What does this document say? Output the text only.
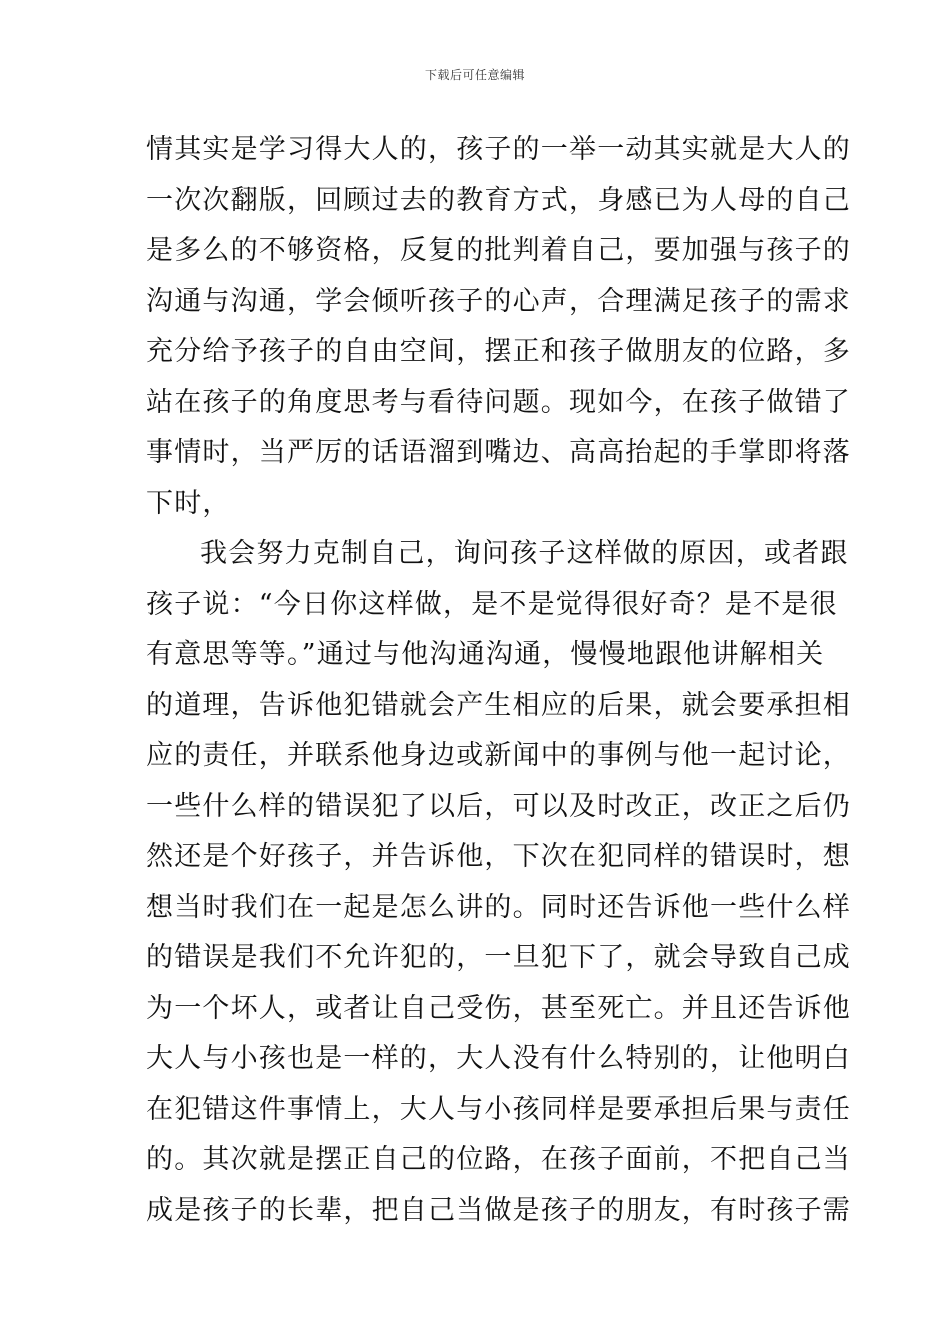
下载后可任意编辑
情其实是学习得大人的，孩子的一举一动其实就是大人的
一次次翻版，回顾过去的教育方式，身感已为人母的自己
是多么的不够资格，反复的批判着自己，要加强与孩子的
沟通与沟通，学会倾听孩子的心声，合理满足孩子的需求
充分给予孩子的自由空间，摆正和孩子做朋友的位路，多
站在孩子的角度思考与看待问题。现如今，在孩子做错了
事情时，当严厉的话语溜到嘴边、高高抬起的手掌即将落
下时，
我会努力克制自己，询问孩子这样做的原因，或者跟
孩子说：“今日你这样做，是不是觉得很好奇？是不是很
有意思等等。”通过与他沟通沟通，慢慢地跟他讲解相关
的道理，告诉他犯错就会产生相应的后果，就会要承担相
应的责任，并联系他身边或新闻中的事例与他一起讨论，
一些什么样的错误犯了以后，可以及时改正，改正之后仍
然还是个好孩子，并告诉他，下次在犯同样的错误时，想
想当时我们在一起是怎么讲的。同时还告诉他一些什么样
的错误是我们不允许犯的，一旦犯下了，就会导致自己成
为一个坏人，或者让自己受伤，甚至死亡。并且还告诉他
大人与小孩也是一样的，大人没有什么特别的，让他明白
在犯错这件事情上，大人与小孩同样是要承担后果与责任
的。其次就是摆正自己的位路，在孩子面前，不把自己当
成是孩子的长辈，把自己当做是孩子的朋友，有时孩子需
